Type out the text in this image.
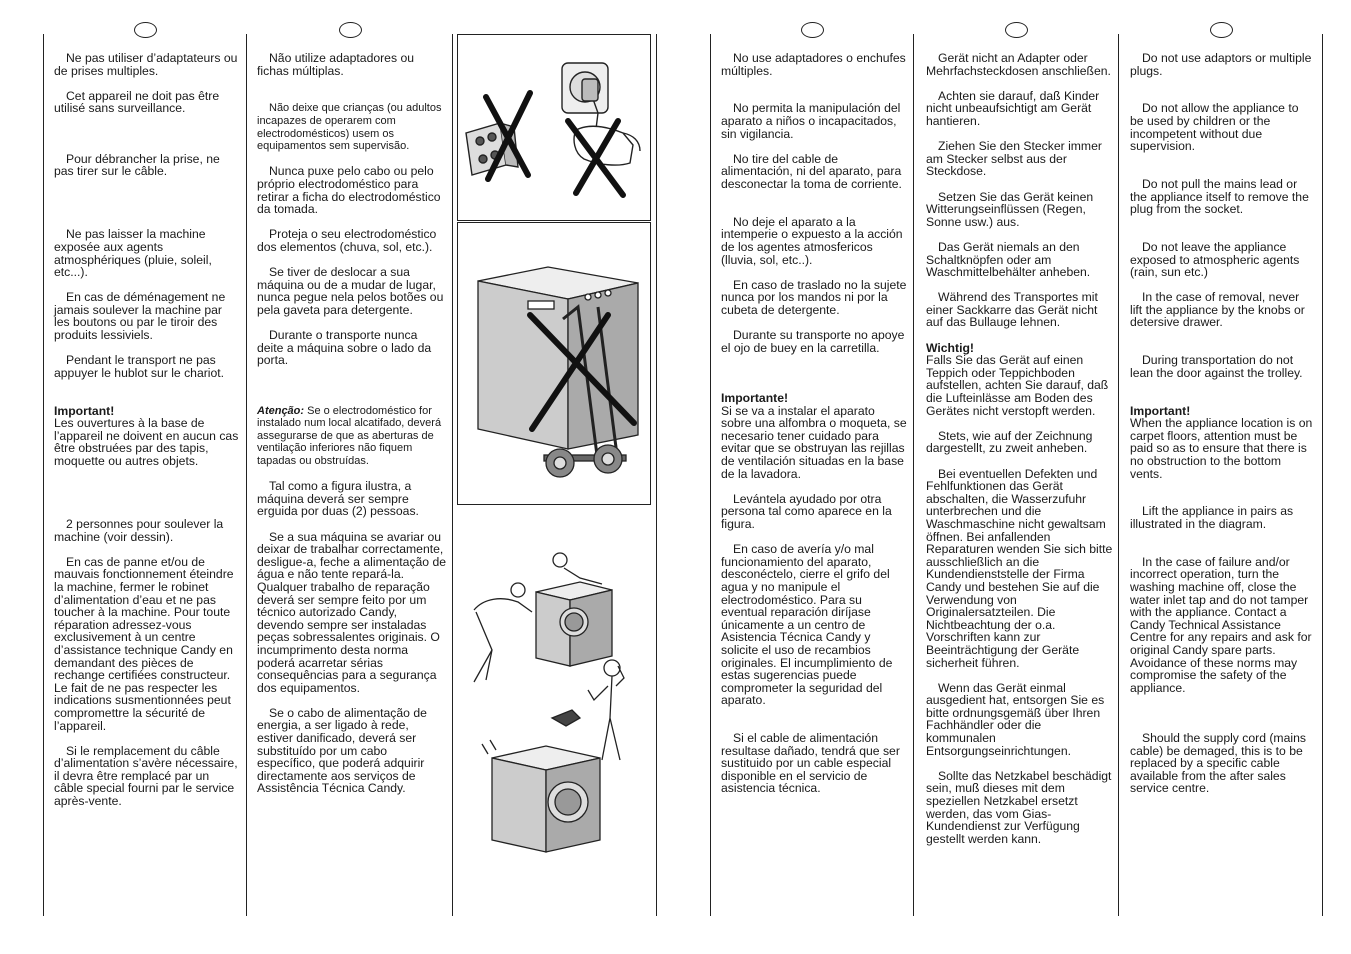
Ne pas utiliser d’adaptateurs ou de prises multiples.

Cet appareil ne doit pas être utilisé sans surveillance.

Pour débrancher la prise, ne pas tirer sur le câble.

Ne pas laisser la machine exposée aux agents atmosphériques (pluie, soleil, etc...).

En cas de déménagement ne jamais soulever la machine par les boutons ou par le tiroir des produits lessiviels.

Pendant le transport ne pas appuyer le hublot sur le chariot.

Important!
Les ouvertures à la base de l’appareil ne doivent en aucun cas être obstruées par des tapis, moquette ou autres objets.

2 personnes pour soulever la machine (voir dessin).

En cas de panne et/ou de mauvais fonctionnement éteindre la machine, fermer le robinet d’alimentation d’eau et ne pas toucher à la machine. Pour toute réparation adressez-vous exclusivement à un centre d’assistance technique Candy en demandant des pièces de rechange certifiées constructeur. Le fait de ne pas respecter les indications susmentionnées peut compromettre la sécurité de l’appareil.

Si le remplacement du câble d’alimentation s’avère nécessaire, il devra être remplacé par un câble special fourni par le service après-vente.

Não utilize adaptadores ou fichas múltiplas.

Não deixe que crianças (ou adultos incapazes de operarem com electrodomésticos) usem os equipamentos sem supervisão.

Nunca puxe pelo cabo ou pelo próprio electrodoméstico para retirar a ficha do electrodoméstico da tomada.

Proteja o seu electrodoméstico dos elementos (chuva, sol, etc.).

Se tiver de deslocar a sua máquina ou de a mudar de lugar, nunca pegue nela pelos botões ou pela gaveta para detergente.

Durante o transporte nunca deite a máquina sobre o lado da porta.

Atenção: Se o electrodoméstico for instalado num local alcatifado, deverá assegurarse de que as aberturas de ventilação inferiores não fiquem tapadas ou obstruídas.

Tal como a figura ilustra, a máquina deverá ser sempre erguida por duas (2) pessoas.

Se a sua máquina se avariar ou deixar de trabalhar correctamente, desligue-a, feche a alimentação de água e não tente repará-la. Qualquer trabalho de reparação deverá ser sempre feito por um técnico autorizado Candy, devendo sempre ser instaladas peças sobressalentes originais. O incumprimento desta norma poderá acarretar sérias consequências para a segurança dos equipamentos.

Se o cabo de alimentação de energia, a ser ligado à rede, estiver danificado, deverá ser substituído por um cabo específico, que poderá adquirir directamente aos serviços de Assistência Técnica Candy.

No use adaptadores o enchufes múltiples.

No permita la manipulación del aparato a niños o incapacitados, sin vigilancia.

No tire del cable de alimentación, ni del aparato, para desconectar la toma de corriente.

No deje el aparato a la intemperie o expuesto a la acción de los agentes atmosfericos (lluvia, sol, etc..).

En caso de traslado no la sujete nunca por los mandos ni por la cubeta de detergente.

Durante su transporte no apoye el ojo de buey en la carretilla.

Importante!
Si se va a instalar el aparato sobre una alfombra o moqueta, se necesario tener cuidado para evitar que se obstruyan las rejillas de ventilación situadas en la base de la lavadora.

Levántela ayudado por otra persona tal como aparece en la figura.

En caso de avería y/o mal funcionamiento del aparato, desconéctelo, cierre el grifo del agua y no manipule el electrodoméstico. Para su eventual reparación diríjase únicamente a un centro de Asistencia Técnica Candy y solicite el uso de recambios originales. El incumplimiento de estas sugerencias puede comprometer la seguridad del aparato.

Si el cable de alimentación resultase dañado, tendrá que ser sustituido por un cable especial disponible en el servicio de asistencia técnica.

Gerät nicht an Adapter oder Mehrfachsteckdosen anschließen.

Achten sie darauf, daß Kinder nicht unbeaufsichtigt am Gerät hantieren.

Ziehen Sie den Stecker immer am Stecker selbst aus der Steckdose.

Setzen Sie das Gerät keinen Witterungseinflüssen (Regen, Sonne usw.) aus.

Das Gerät niemals an den Schaltknöpfen oder am Waschmittelbehälter anheben.

Während des Transportes mit einer Sackkarre das Gerät nicht auf das Bullauge lehnen.

Wichtig!
Falls Sie das Gerät auf einen Teppich oder Teppichboden aufstellen, achten Sie darauf, daß die Lufteinlässe am Boden des Gerätes nicht verstopft werden.

Stets, wie auf der Zeichnung dargestellt, zu zweit anheben.

Bei eventuellen Defekten und Fehlfunktionen das Gerät abschalten, die Wasserzufuhr unterbrechen und die Waschmaschine nicht gewaltsam öffnen. Bei anfallenden Reparaturen wenden Sie sich bitte ausschließlich an die Kundendienststelle der Firma Candy und bestehen Sie auf die Verwendung von Originalersatzteilen. Die Nichtbeachtung der o.a. Vorschriften kann zur Beeinträchtigung der Geräte sicherheit führen.

Wenn das Gerät einmal ausgedient hat, entsorgen Sie es bitte ordnungsgemäß über Ihren Fachhändler oder die kommunalen Entsorgungseinrichtungen.

Sollte das Netzkabel beschädigt sein, muß dieses mit dem speziellen Netzkabel ersetzt werden, das vom Gias-Kundendienst zur Verfügung gestellt werden kann.

Do not use adaptors or multiple plugs.

Do not allow the appliance to be used by children or the incompetent without due supervision.

Do not pull the mains lead or the appliance itself to remove the plug from the socket.

Do not leave the appliance exposed to atmospheric agents (rain, sun etc.)

In the case of removal, never lift the appliance by the knobs or detersive drawer.

During transportation do not lean the door against the trolley.

Important!
When the appliance location is on carpet floors, attention must be paid so as to ensure that there is no obstruction to the bottom vents.

Lift the appliance in pairs as illustrated in the diagram.

In the case of failure and/or incorrect operation, turn the washing machine off, close the water inlet tap and do not tamper with the appliance. Contact a Candy Technical Assistance Centre for any repairs and ask for original Candy spare parts. Avoidance of these norms may compromise the safety of the appliance.

Should the supply cord (mains cable) be demaged, this is to be replaced by a specific cable available from the after sales service centre.
